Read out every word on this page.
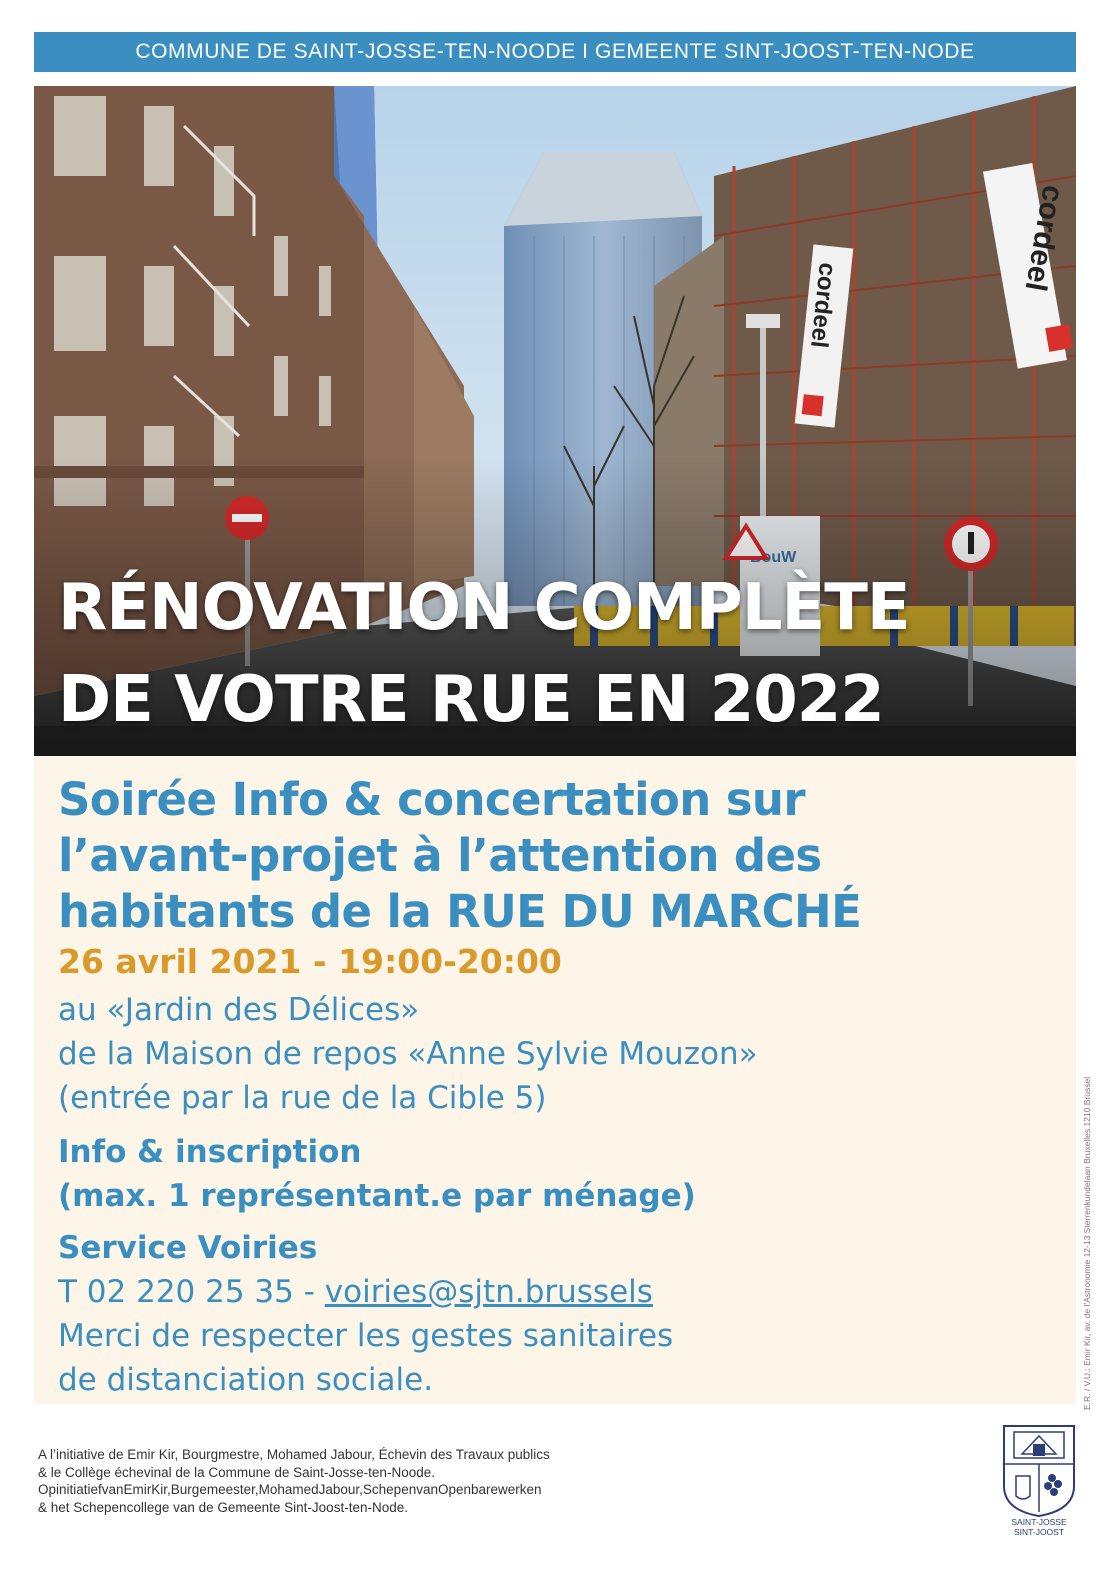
COMMUNE DE SAINT-JOSSE-TEN-NOODE I GEMEENTE SINT-JOOST-TEN-NODE
RÉNOVATION COMPLÈTE
DE VOTRE RUE EN 2022
Soirée Info & concertation sur
l’avant-projet à l’attention des
habitants de la RUE DU MARCHÉ
26 avril 2021 - 19:00-20:00
au «Jardin des Délices»
de la Maison de repos «Anne Sylvie Mouzon»
(entrée par la rue de la Cible 5)
Info & inscription
(max. 1 représentant.e par ménage)
Service Voiries
T 02 220 25 35 - voiries@sjtn.brussels
Merci de respecter les gestes sanitaires
de distanciation sociale.	E.R. / V.U.: Emir Kir, av. de l’Astronomie 12-13 Sterrenkundelaan Bruxelles 1210 Brussel
A l’initiative de Emir Kir, Bourgmestre, Mohamed Jabour, Échevin des Travaux publics
& le Collège échevinal de la Commune de Saint-Josse-ten-Noode.
OpinitiatiefvanEmirKir,Burgemeester,MohamedJabour,SchepenvanOpenbarewerken
& het Schepencollege van de Gemeente Sint-Joost-ten-Node.
SAINT-JOSSE
SINT-JOOST
